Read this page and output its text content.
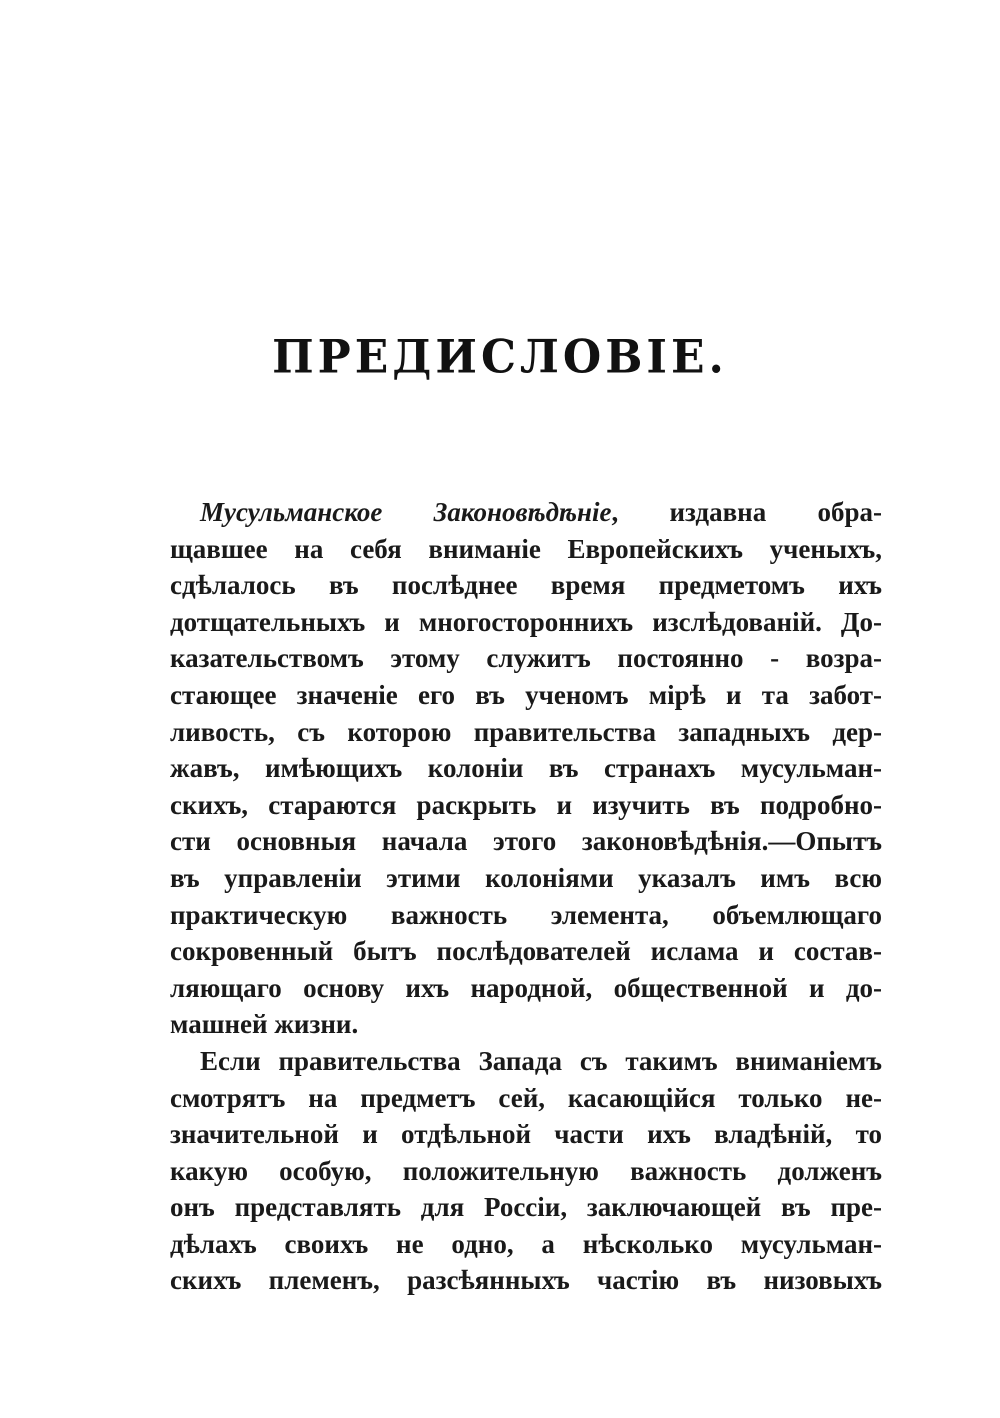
ПРЕДИСЛОВІЕ.
Мусульманское Законовѣдѣніе, издавна обра-
щавшее на себя вниманіе Европейскихъ ученыхъ,
сдѣлалось въ послѣднее время предметомъ ихъ
дотщательныхъ и многостороннихъ изслѣдованій. До-
казательствомъ этому служитъ постоянно - возра-
стающее значеніе его въ ученомъ мірѣ и та забот-
ливость, съ которою правительства западныхъ дер-
жавъ, имѣющихъ колоніи въ странахъ мусульман-
скихъ, стараются раскрыть и изучить въ подробно-
сти основныя начала этого законовѣдѣнія.—Опытъ
въ управленіи этими колоніями указалъ имъ всю
практическую важность элемента, объемлющаго
сокровенный бытъ послѣдователей ислама и состав-
ляющаго основу ихъ народной, общественной и до-
машней жизни.
Если правительства Запада съ такимъ вниманіемъ
смотрятъ на предметъ сей, касающійся только не-
значительной и отдѣльной части ихъ владѣній, то
какую особую, положительную важность долженъ
онъ представлять для Россіи, заключающей въ пре-
дѣлахъ своихъ не одно, а нѣсколько мусульман-
скихъ племенъ, разсѣянныхъ частію въ низовыхъ
